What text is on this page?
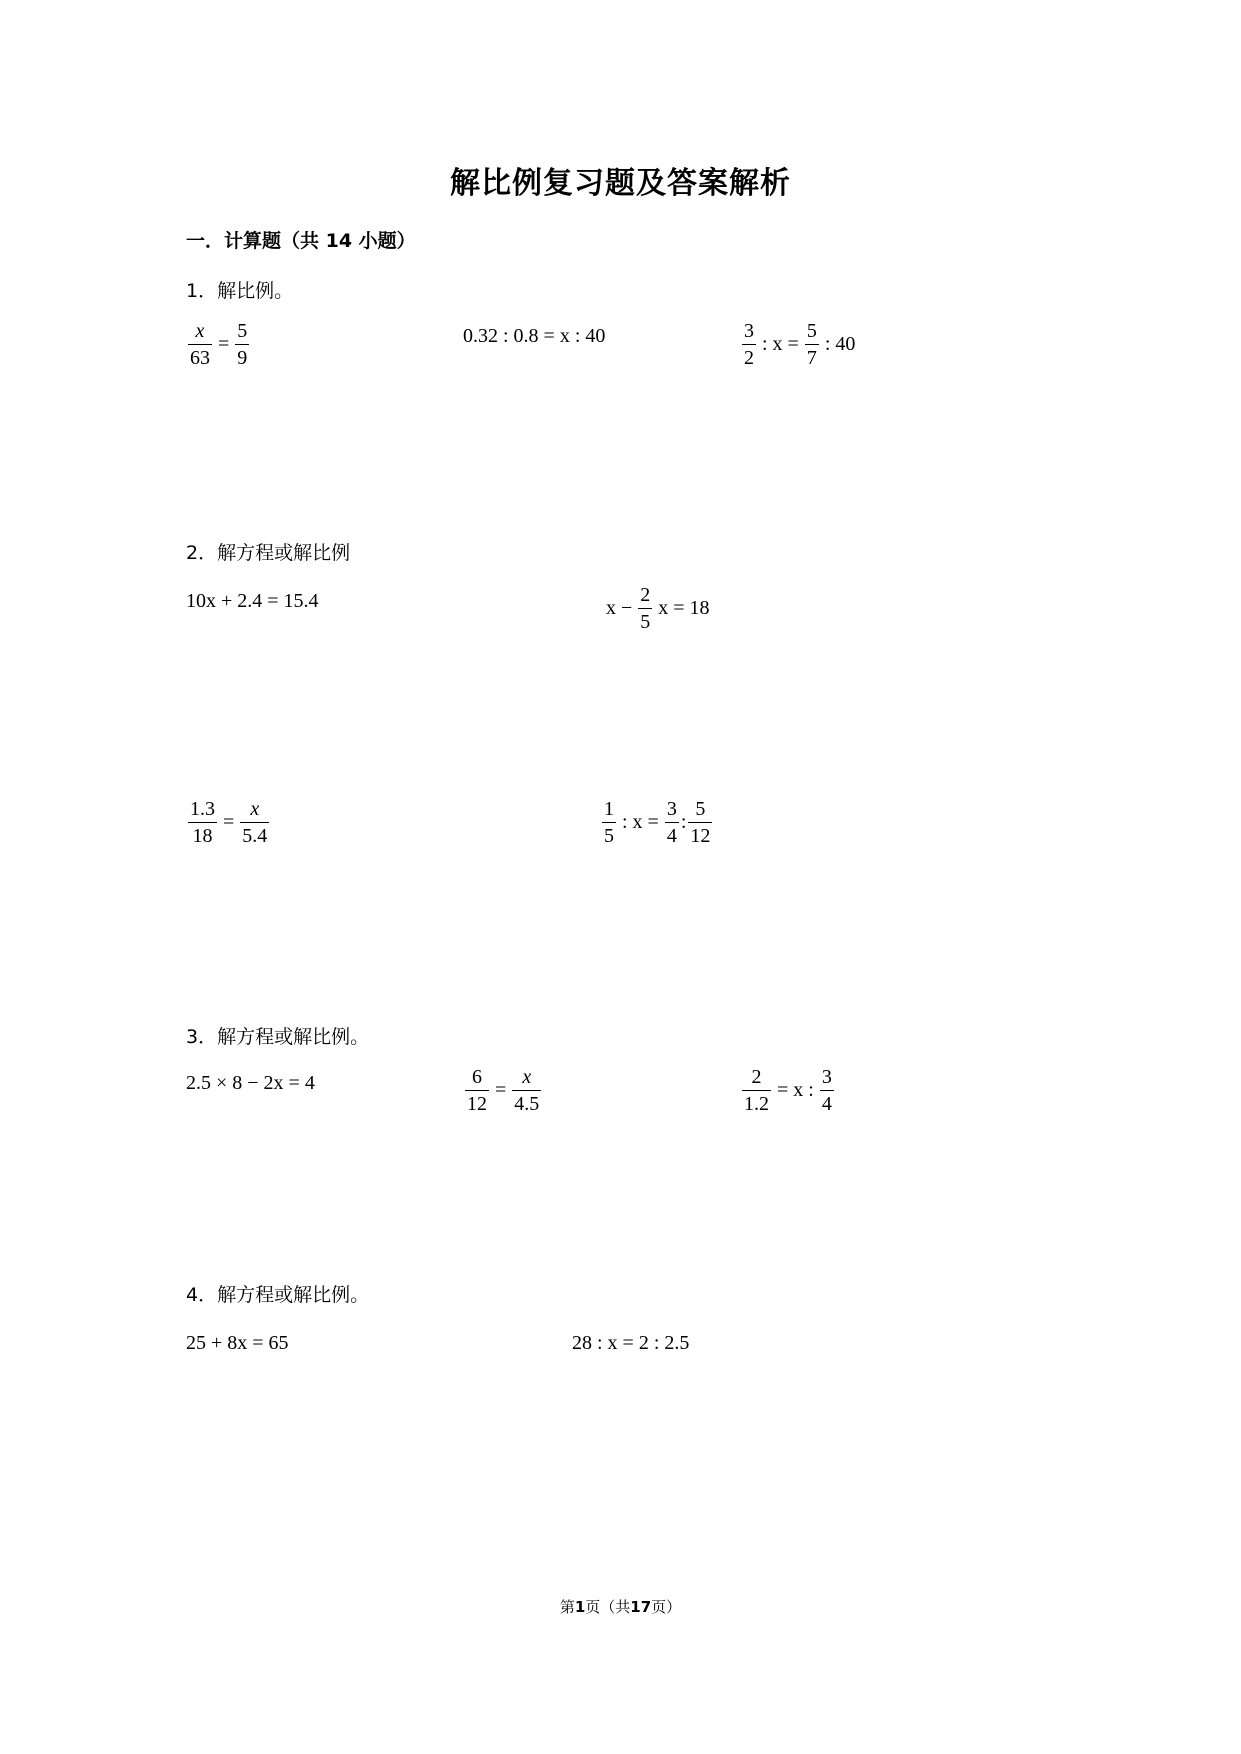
解比例复习题及答案解析
一．计算题（共 14 小题）
1．解比例。
$\frac{x}{63} = \frac{5}{9}$	0.32 : 0.8 = x : 40	$\frac{3}{2}$ : $x = \frac{5}{7}$ : 40
2．解方程或解比例
10x + 2.4 = 15.4	$x - \frac{2}{5}$ x = 18
$\frac{1.3}{18} = \frac{x}{5.4}$	$\frac{1}{5}$ : $x = \frac{3}{4}$ : $\frac{5}{12}$
3．解方程或解比例。
2.5 × 8 − 2x = 4	$\frac{6}{12} = \frac{x}{4.5}$	$\frac{2}{1.2} = x$ : $\frac{3}{4}$
4．解方程或解比例。
25 + 8x = 65	28 : x = 2 : 2.5
第1页（共17页）
